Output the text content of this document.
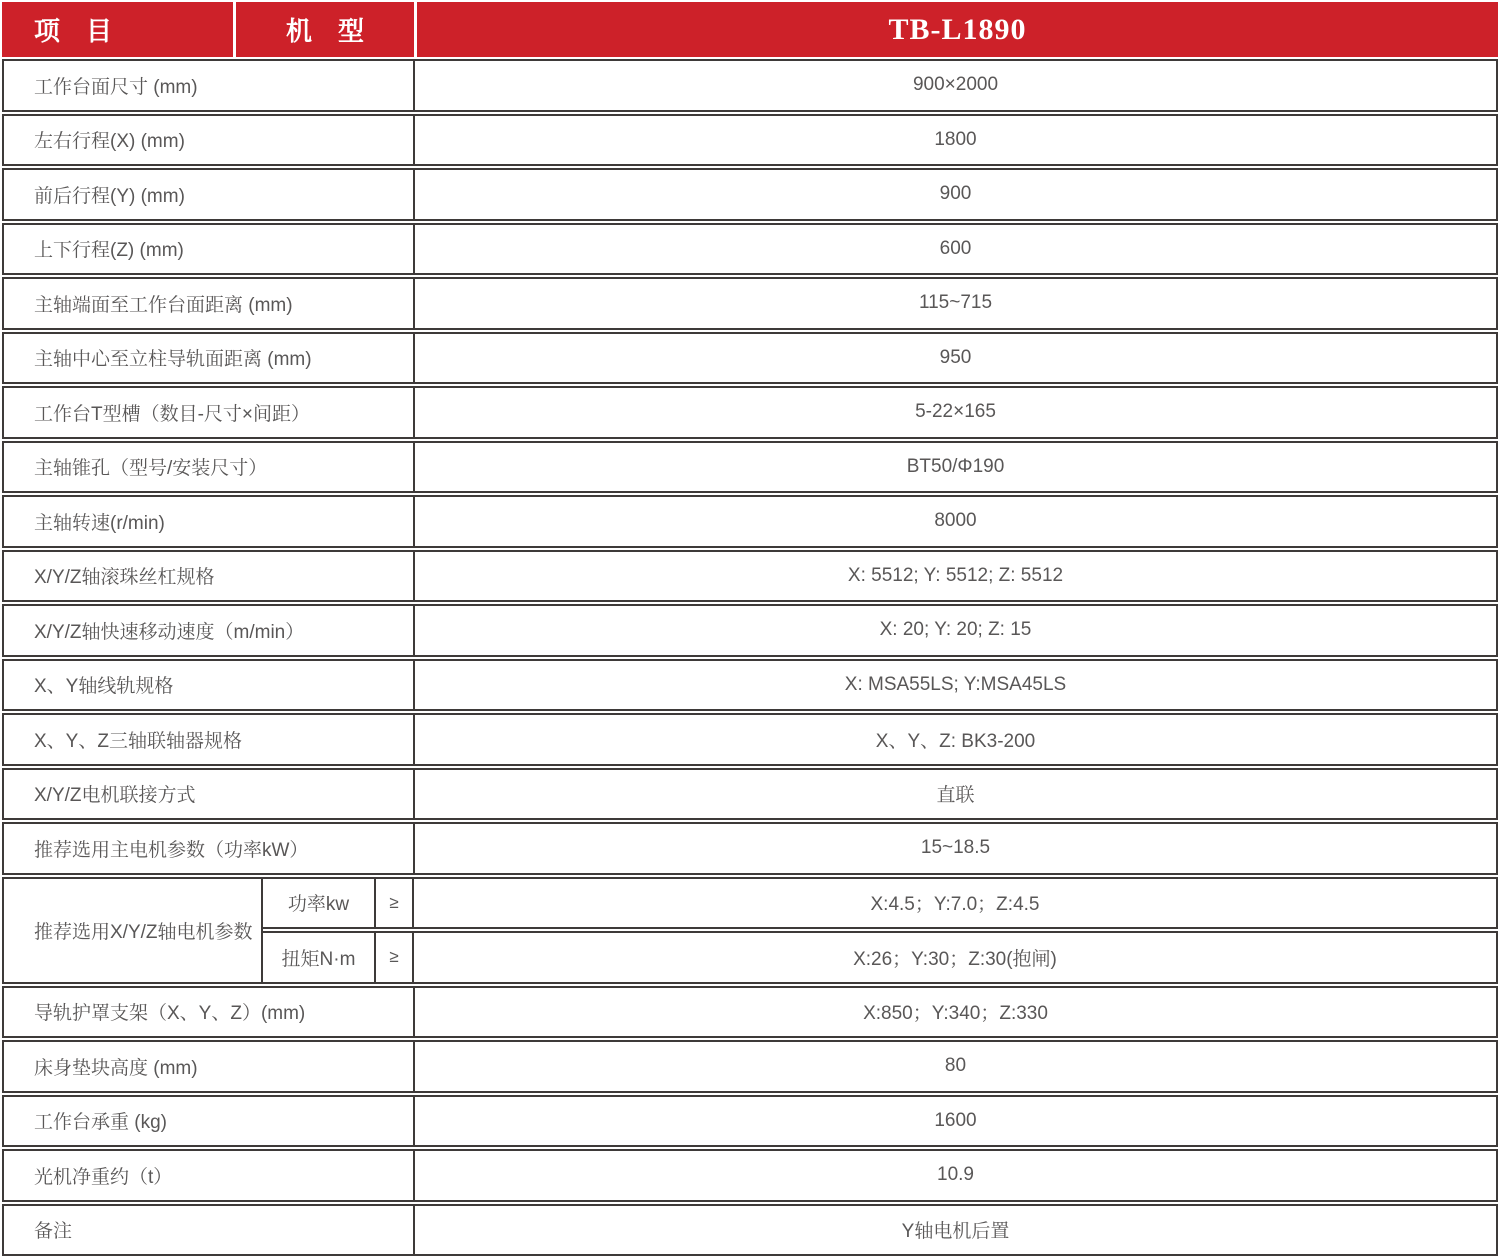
项　目	机　型	TB-L1890
工作台面尺寸 (mm)	900×2000
左右行程(X) (mm)	1800
前后行程(Y) (mm)	900
上下行程(Z) (mm)	600
主轴端面至工作台面距离 (mm)	115~715
主轴中心至立柱导轨面距离 (mm)	950
工作台T型槽（数目-尺寸×间距）	5-22×165
主轴锥孔（型号/安装尺寸）	BT50/Φ190
主轴转速(r/min)	8000
X/Y/Z轴滚珠丝杠规格	X: 5512; Y: 5512; Z: 5512
X/Y/Z轴快速移动速度（m/min）	X: 20; Y: 20; Z: 15
X、Y轴线轨规格	X: MSA55LS; Y:MSA45LS
X、Y、Z三轴联轴器规格	X、Y、Z: BK3-200
X/Y/Z电机联接方式	直联
推荐选用主电机参数（功率kW）	15~18.5
推荐选用X/Y/Z轴电机参数
功率kw	≥	X:4.5；Y:7.0；Z:4.5
扭矩N·m	≥	X:26；Y:30；Z:30(抱闸)
导轨护罩支架（X、Y、Z）(mm)	X:850；Y:340；Z:330
床身垫块高度 (mm)	80
工作台承重 (kg)	1600
光机净重约（t）	10.9
备注	Y轴电机后置
